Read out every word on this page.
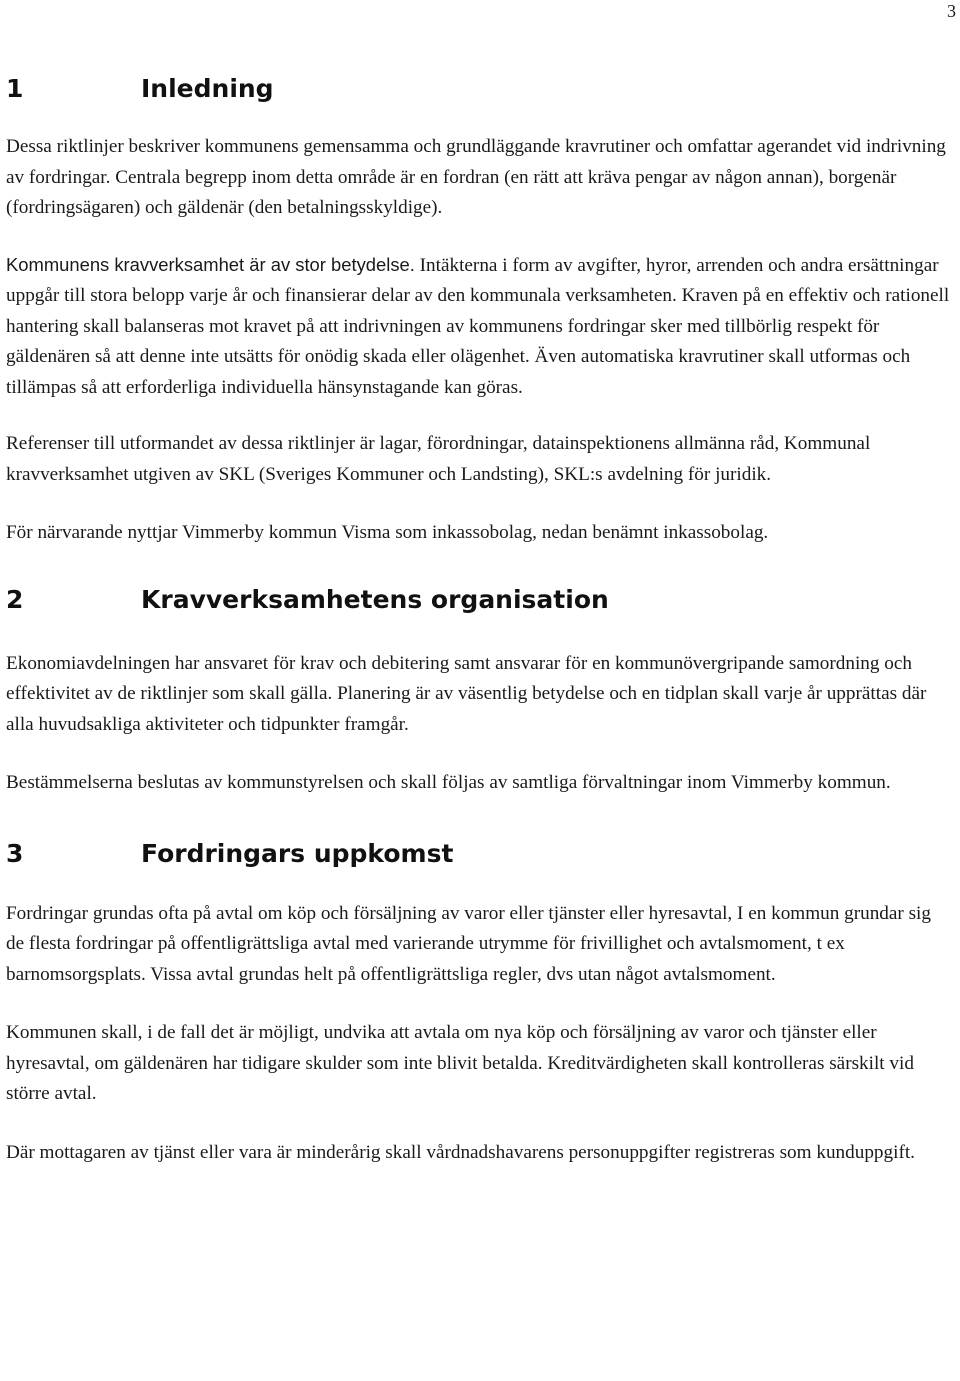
3
1	Inledning

Dessa riktlinjer beskriver kommunens gemensamma och grundläggande kravrutiner och omfattar agerandet vid indrivning av fordringar. Centrala begrepp inom detta område är en fordran (en rätt att kräva pengar av någon annan), borgenär (fordringsägaren) och gäldenär (den betalningsskyldige).

Kommunens kravverksamhet är av stor betydelse. Intäkterna i form av avgifter, hyror, arrenden och andra ersättningar uppgår till stora belopp varje år och finansierar delar av den kommunala verksamheten. Kraven på en effektiv och rationell hantering skall balanseras mot kravet på att indrivningen av kommunens fordringar sker med tillbörlig respekt för gäldenären så att denne inte utsätts för onödig skada eller olägenhet. Även automatiska kravrutiner skall utformas och tillämpas så att erforderliga individuella hänsynstagande kan göras.

Referenser till utformandet av dessa riktlinjer är lagar, förordningar, datainspektionens allmänna råd, Kommunal kravverksamhet utgiven av SKL (Sveriges Kommuner och Landsting), SKL:s avdelning för juridik.

För närvarande nyttjar Vimmerby kommun Visma som inkassobolag, nedan benämnt inkassobolag.

2	Kravverksamhetens organisation

Ekonomiavdelningen har ansvaret för krav och debitering samt ansvarar för en kommunövergripande samordning och effektivitet av de riktlinjer som skall gälla. Planering är av väsentlig betydelse och en tidplan skall varje år upprättas där alla huvudsakliga aktiviteter och tidpunkter framgår.

Bestämmelserna beslutas av kommunstyrelsen och skall följas av samtliga förvaltningar inom Vimmerby kommun.

3	Fordringars uppkomst

Fordringar grundas ofta på avtal om köp och försäljning av varor eller tjänster eller hyresavtal, I en kommun grundar sig de flesta fordringar på offentligrättsliga avtal med varierande utrymme för frivillighet och avtalsmoment, t ex barnomsorgsplats. Vissa avtal grundas helt på offentligrättsliga regler, dvs utan något avtalsmoment.

Kommunen skall, i de fall det är möjligt, undvika att avtala om nya köp och försäljning av varor och tjänster eller hyresavtal, om gäldenären har tidigare skulder som inte blivit betalda. Kreditvärdigheten skall kontrolleras särskilt vid större avtal.

Där mottagaren av tjänst eller vara är minderårig skall vårdnadshavarens personuppgifter registreras som kunduppgift.
